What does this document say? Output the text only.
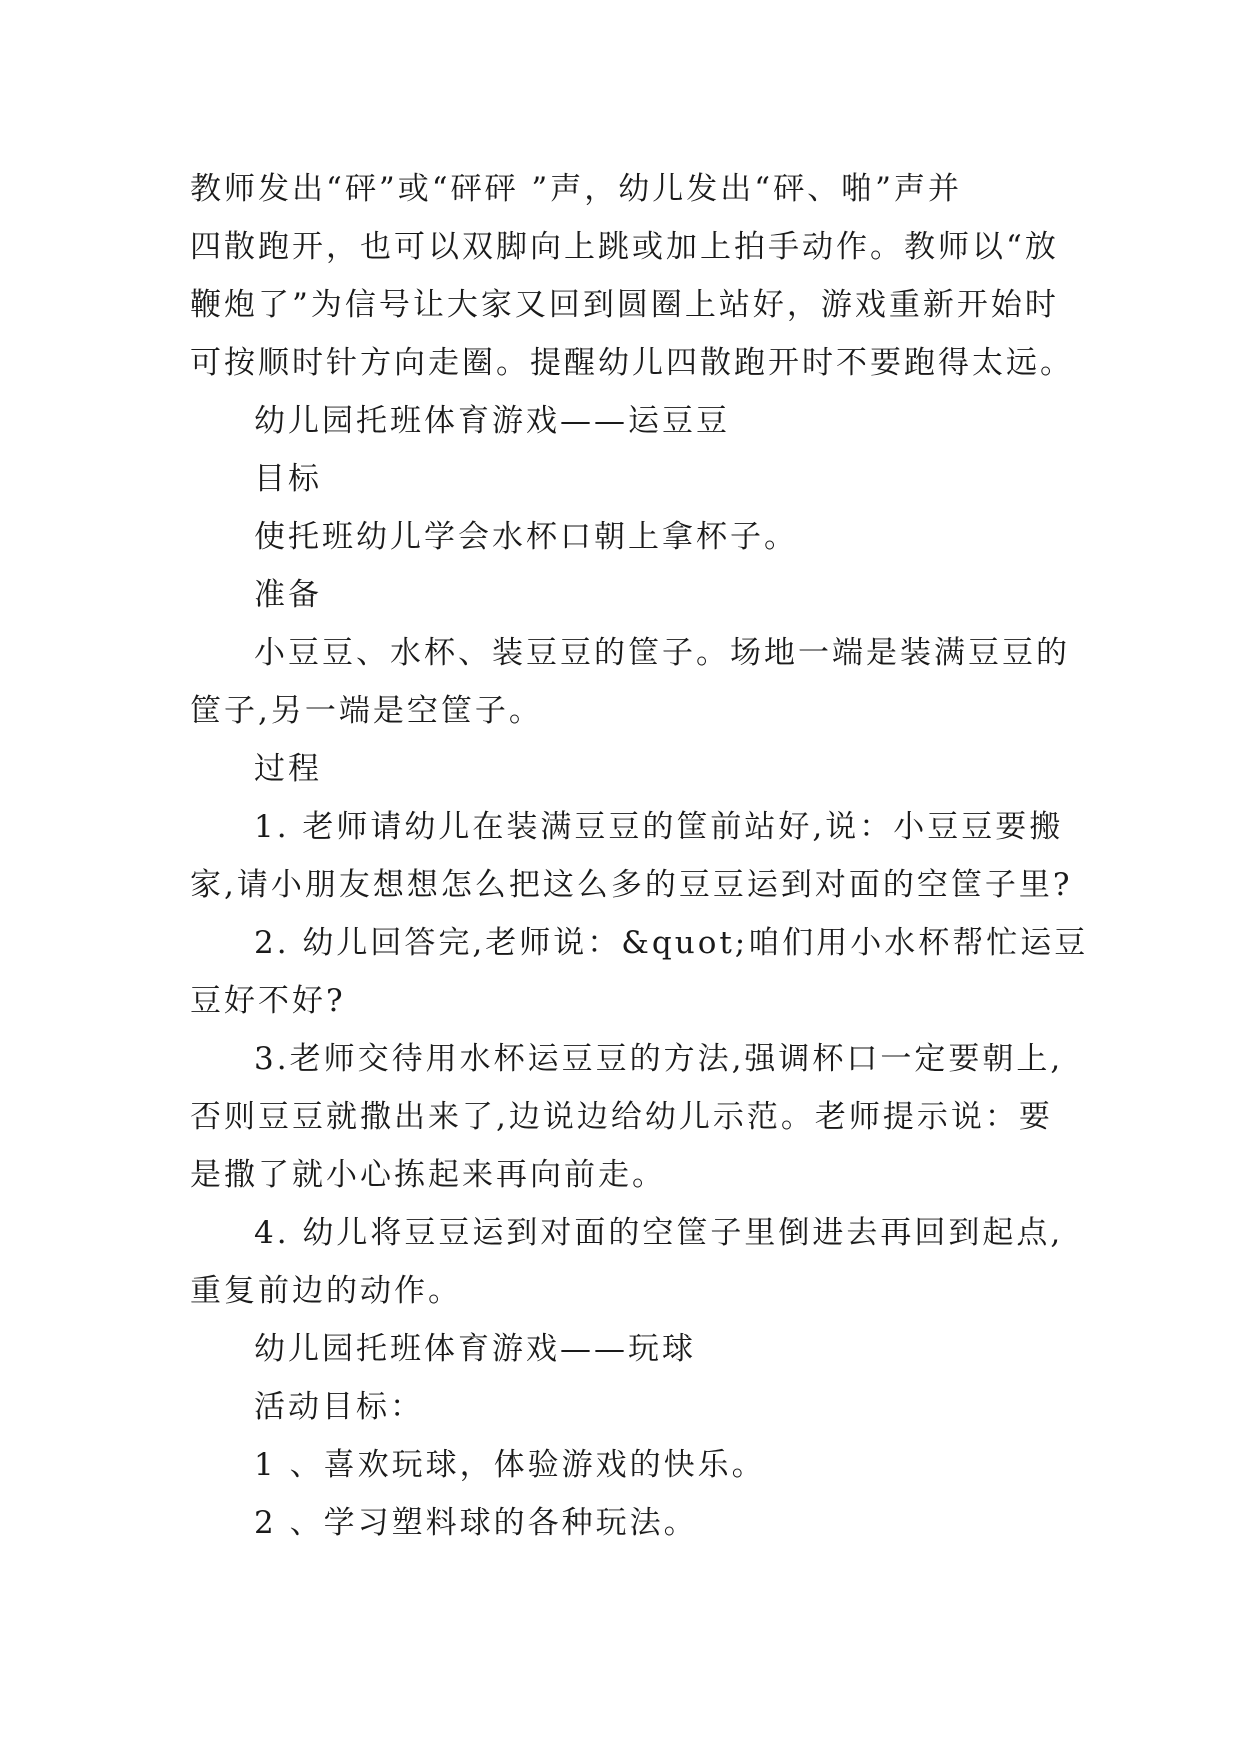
教师发出“砰”或“砰砰 ”声，幼儿发出“砰、啪”声并
四散跑开，也可以双脚向上跳或加上拍手动作。教师以“放
鞭炮了”为信号让大家又回到圆圈上站好，游戏重新开始时
可按顺时针方向走圈。提醒幼儿四散跑开时不要跑得太远。
幼儿园托班体育游戏——运豆豆
目标
使托班幼儿学会水杯口朝上拿杯子。
准备
小豆豆、水杯、装豆豆的筐子。场地一端是装满豆豆的
筐子,另一端是空筐子。
过程
1. 老师请幼儿在装满豆豆的筐前站好,说：小豆豆要搬
家,请小朋友想想怎么把这么多的豆豆运到对面的空筐子里?
2. 幼儿回答完,老师说：&quot;咱们用小水杯帮忙运豆
豆好不好?
3.老师交待用水杯运豆豆的方法,强调杯口一定要朝上,
否则豆豆就撒出来了,边说边给幼儿示范。老师提示说：要
是撒了就小心拣起来再向前走。
4. 幼儿将豆豆运到对面的空筐子里倒进去再回到起点,
重复前边的动作。
幼儿园托班体育游戏——玩球
活动目标：
1 、喜欢玩球，体验游戏的快乐。
2 、学习塑料球的各种玩法。
